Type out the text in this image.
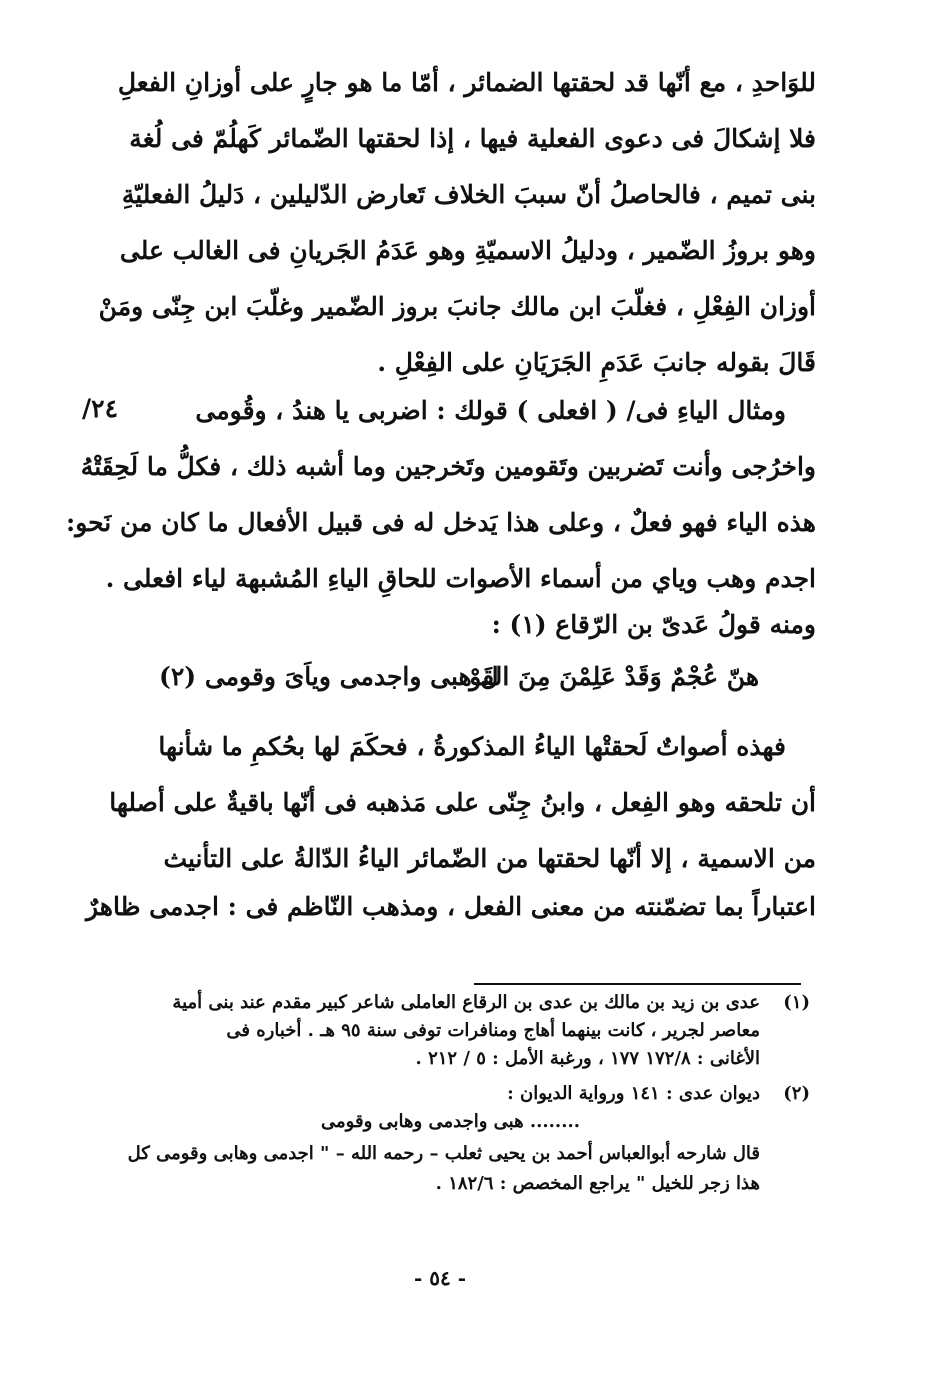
للوَاحدِ ، مع أنّها قد لحقتها الضمائر ، أمّا ما هو جارٍ على أوزانِ الفعلِ
فلا إشكالَ فى دعوى الفعلية فيها ، إذا لحقتها الضّمائر كَهلُمّ فى لُغة
بنى تميم ، فالحاصلُ أنّ سببَ الخلاف تَعارض الدّليلين ، دَليلُ الفعليّةِ
وهو بروزُ الضّمير ، ودليلُ الاسميّةِ وهو عَدَمُ الجَريانِ فى الغالب على
أوزان الفِعْلِ ، فغلّبَ ابن مالك جانبَ بروز الضّمير وغلّبَ ابن جِنّى ومَنْ
قَالَ بقوله جانبَ عَدَمِ الجَرَيَانِ على الفِعْلِ .
٢٤/	ومثال الياءِ فى/ ( افعلى ) قولك : اضربى يا هندُ ، وقُومى
واخرُجى وأنت تَضربين وتَقومين وتَخرجين وما أشبه ذلك ، فكلُّ ما لَحِقَتْهُ
هذه الياء فهو فعلٌ ، وعلى هذا يَدخل له فى قبيل الأفعال ما كان من نَحو:
اجدم وهب وياي من أسماء الأصوات للحاقِ الياءِ المُشبهة لياء افعلى .
ومنه قولُ عَدىّ بن الرّقاع (١) :
هنّ عُجْمٌ وَقَدْ عَلِمْنَ مِنَ القَوْ
ل هبى واجدمى وياَىَ وقومى (٢)
فهذه أصواتٌ لَحقتْها الياءُ المذكورةُ ، فحكَمَ لها بحُكمِ ما شأنها
أن تلحقه وهو الفِعل ، وابنُ جِنّى على مَذهبه فى أنّها باقيةٌ على أصلها
من الاسمية ، إلا أنّها لحقتها من الضّمائر الياءُ الدّالةُ على التأنيث
اعتباراً بما تضمّنته من معنى الفعل ، ومذهب النّاظم فى : اجدمى ظاهرٌ
(١)
عدى بن زيد بن مالك بن عدى بن الرقاع العاملى شاعر كبير مقدم عند بنى أمية
معاصر لجرير ، كانت بينهما أهاج ومنافرات توفى سنة ٩٥ هـ . أخباره فى
الأغانى : ١٧٢/٨ ١٧٧ ، ورغبة الأمل : ٥ / ٢١٢ .
(٢)
ديوان عدى : ١٤١ ورواية الديوان :
........ هبى واجدمى وهابى وقومى
قال شارحه أبوالعباس أحمد بن يحيى ثعلب – رحمه الله – " اجدمى وهابى وقومى كل
هذا زجر للخيل " يراجع المخصص : ١٨٢/٦ .
- ٥٤ -
